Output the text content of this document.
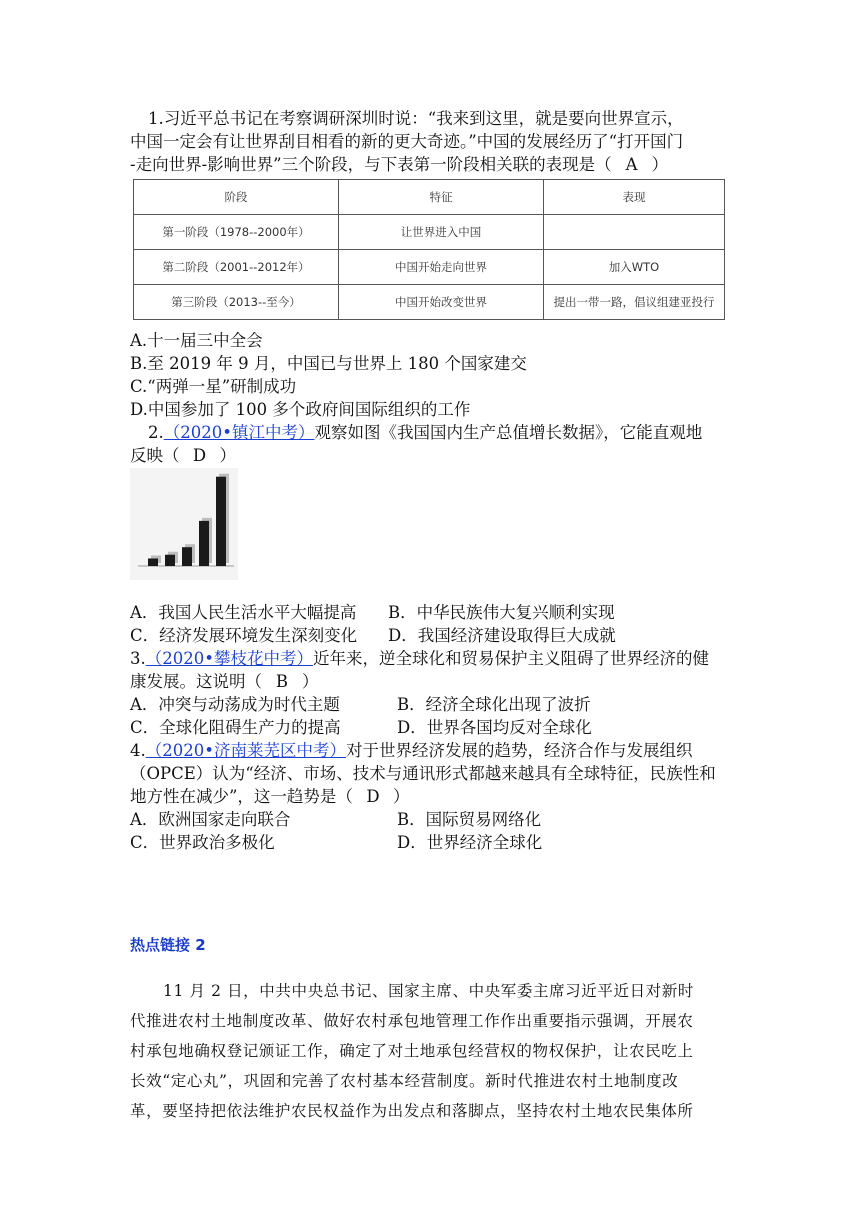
1.习近平总书记在考察调研深圳时说：“我来到这里，就是要向世界宣示，
中国一定会有让世界刮目相看的新的更大奇迹。”中国的发展经历了“打开国门
-走向世界-影响世界”三个阶段，与下表第一阶段相关联的表现是（ A ）
阶段	特征	表现
第一阶段（1978--2000年）	让世界进入中国	
第二阶段（2001--2012年）	中国开始走向世界	加入WTO
第三阶段（2013--至今）	中国开始改变世界	提出一带一路，倡议组建亚投行
A.十一届三中全会
B.至 2019 年 9 月，中国已与世界上 180 个国家建交
C.“两弹一星”研制成功
D.中国参加了 100 多个政府间国际组织的工作
2.（2020•镇江中考）观察如图《我国国内生产总值增长数据》，它能直观地
反映（ D ）
A．我国人民生活水平大幅提高 B．中华民族伟大复兴顺利实现
C．经济发展环境发生深刻变化 D．我国经济建设取得巨大成就
3.（2020•攀枝花中考）近年来，逆全球化和贸易保护主义阻碍了世界经济的健
康发展。这说明（ B ）
A．冲突与动荡成为时代主题	B．经济全球化出现了波折
C．全球化阻碍生产力的提高	D．世界各国均反对全球化
4.（2020•济南莱芜区中考）对于世界经济发展的趋势，经济合作与发展组织
（OPCE）认为“经济、市场、技术与通讯形式都越来越具有全球特征，民族性和
地方性在减少”，这一趋势是（ D ）
A．欧洲国家走向联合	B．国际贸易网络化
C．世界政治多极化	D．世界经济全球化
热点链接 2
11 月 2 日，中共中央总书记、国家主席、中央军委主席习近平近日对新时
代推进农村土地制度改革、做好农村承包地管理工作作出重要指示强调，开展农
村承包地确权登记颁证工作，确定了对土地承包经营权的物权保护，让农民吃上
长效“定心丸”，巩固和完善了农村基本经营制度。新时代推进农村土地制度改
革，要坚持把依法维护农民权益作为出发点和落脚点，坚持农村土地农民集体所
